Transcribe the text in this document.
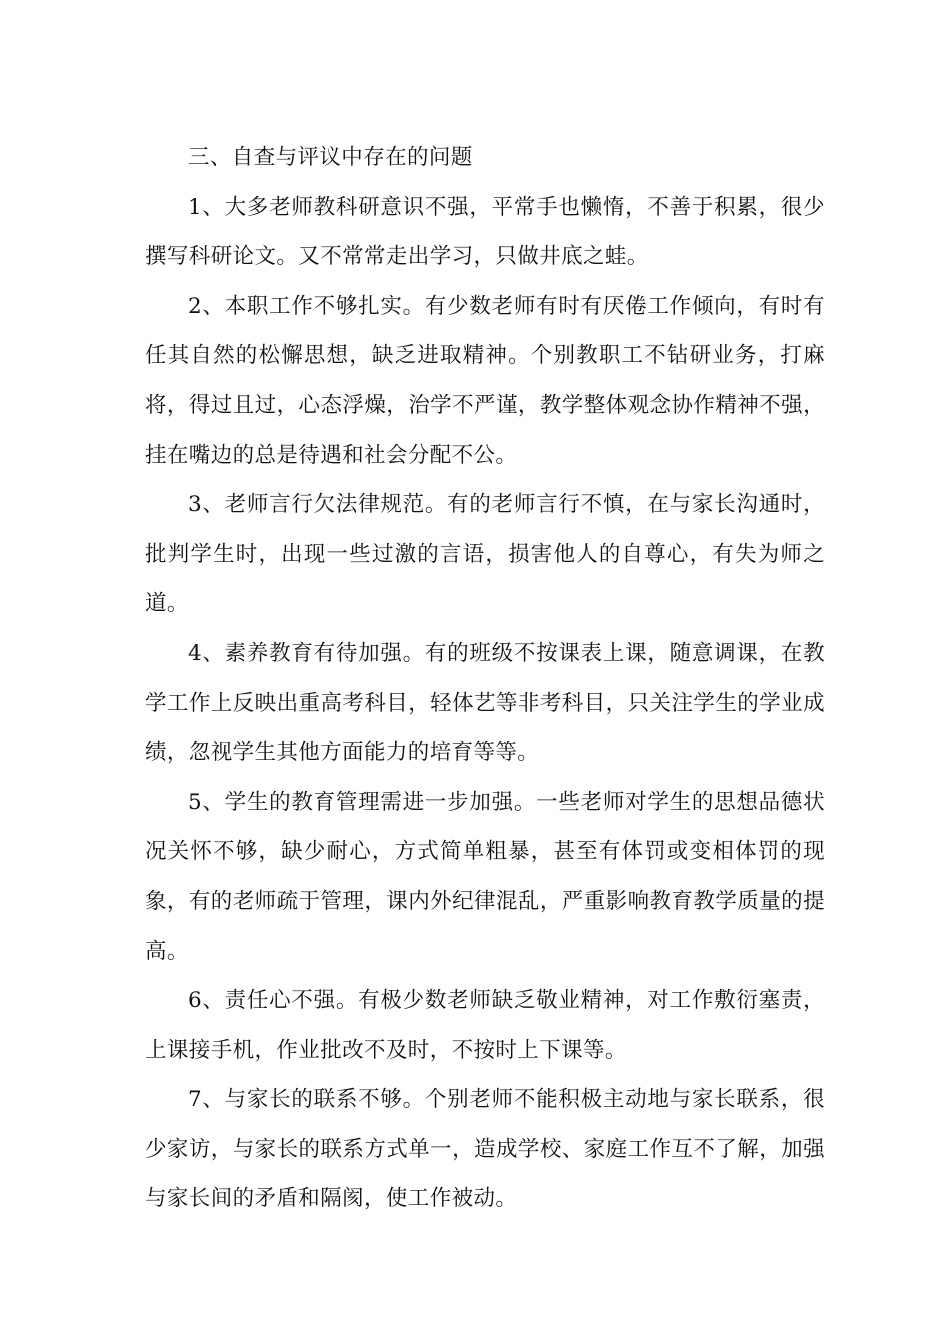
三、自查与评议中存在的问题

1、大多老师教科研意识不强，平常手也懒惰，不善于积累，很少撰写科研论文。又不常常走出学习，只做井底之蛙。

2、本职工作不够扎实。有少数老师有时有厌倦工作倾向，有时有任其自然的松懈思想，缺乏进取精神。个别教职工不钻研业务，打麻将，得过且过，心态浮燥，治学不严谨，教学整体观念协作精神不强，挂在嘴边的总是待遇和社会分配不公。

3、老师言行欠法律规范。有的老师言行不慎，在与家长沟通时，批判学生时，出现一些过激的言语，损害他人的自尊心，有失为师之道。

4、素养教育有待加强。有的班级不按课表上课，随意调课，在教学工作上反映出重高考科目，轻体艺等非考科目，只关注学生的学业成绩，忽视学生其他方面能力的培育等等。

5、学生的教育管理需进一步加强。一些老师对学生的思想品德状况关怀不够，缺少耐心，方式简单粗暴，甚至有体罚或变相体罚的现象，有的老师疏于管理，课内外纪律混乱，严重影响教育教学质量的提高。

6、责任心不强。有极少数老师缺乏敬业精神，对工作敷衍塞责，上课接手机，作业批改不及时，不按时上下课等。

7、与家长的联系不够。个别老师不能积极主动地与家长联系，很少家访，与家长的联系方式单一，造成学校、家庭工作互不了解，加强与家长间的矛盾和隔阂，使工作被动。
